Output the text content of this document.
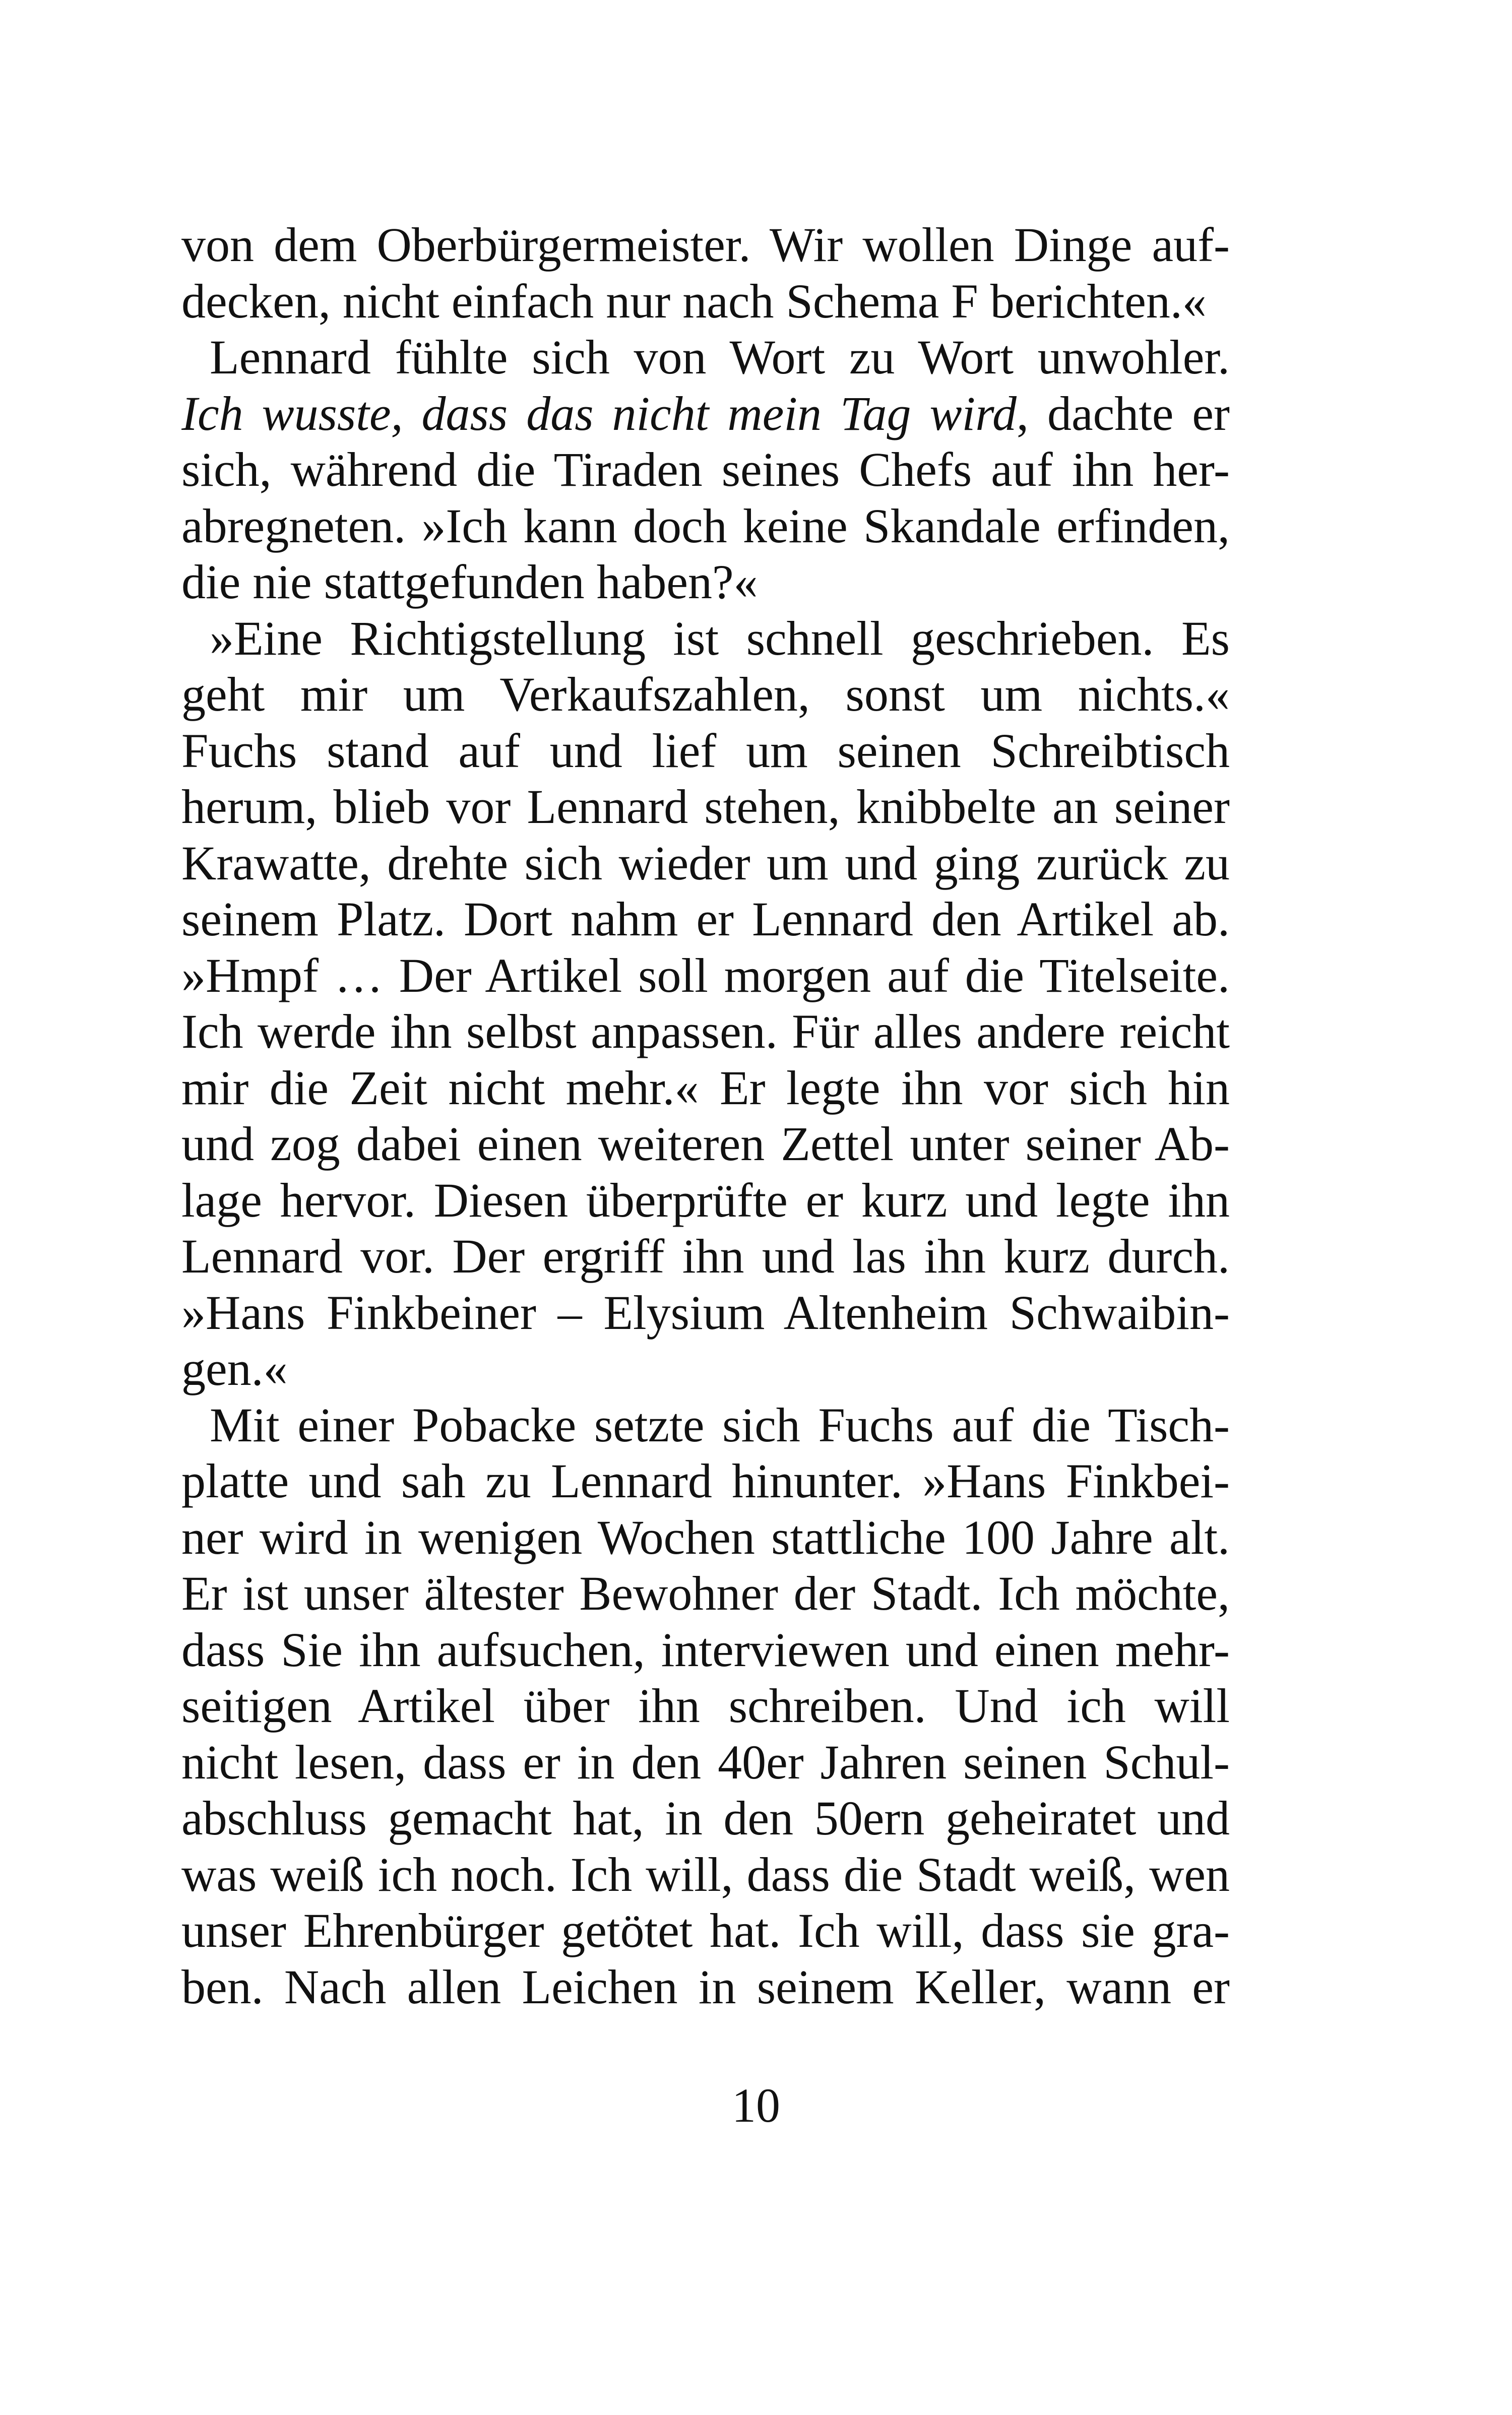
von dem Oberbürgermeister. Wir wollen Dinge auf-
decken, nicht einfach nur nach Schema F berichten.«
Lennard fühlte sich von Wort zu Wort unwohler.
Ich wusste, dass das nicht mein Tag wird, dachte er
sich, während die Tiraden seines Chefs auf ihn her-
abregneten. »Ich kann doch keine Skandale erfinden,
die nie stattgefunden haben?«
»Eine Richtigstellung ist schnell geschrieben. Es
geht mir um Verkaufszahlen, sonst um nichts.«
Fuchs stand auf und lief um seinen Schreibtisch
herum, blieb vor Lennard stehen, knibbelte an seiner
Krawatte, drehte sich wieder um und ging zurück zu
seinem Platz. Dort nahm er Lennard den Artikel ab.
»Hmpf … Der Artikel soll morgen auf die Titelseite.
Ich werde ihn selbst anpassen. Für alles andere reicht
mir die Zeit nicht mehr.« Er legte ihn vor sich hin
und zog dabei einen weiteren Zettel unter seiner Ab-
lage hervor. Diesen überprüfte er kurz und legte ihn
Lennard vor. Der ergriff ihn und las ihn kurz durch.
»Hans Finkbeiner – Elysium Altenheim Schwaibin-
gen.«
Mit einer Pobacke setzte sich Fuchs auf die Tisch-
platte und sah zu Lennard hinunter. »Hans Finkbei-
ner wird in wenigen Wochen stattliche 100 Jahre alt.
Er ist unser ältester Bewohner der Stadt. Ich möchte,
dass Sie ihn aufsuchen, interviewen und einen mehr-
seitigen Artikel über ihn schreiben. Und ich will
nicht lesen, dass er in den 40er Jahren seinen Schul-
abschluss gemacht hat, in den 50ern geheiratet und
was weiß ich noch. Ich will, dass die Stadt weiß, wen
unser Ehrenbürger getötet hat. Ich will, dass sie gra-
ben. Nach allen Leichen in seinem Keller, wann er
10
